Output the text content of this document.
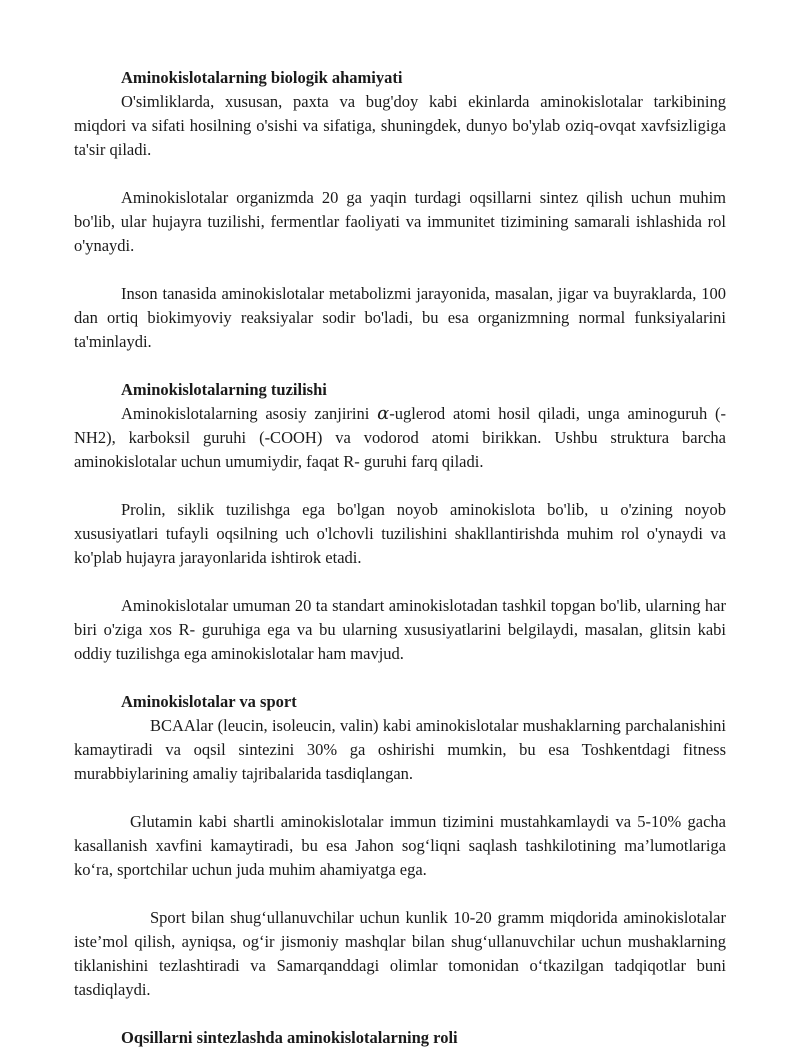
Aminokislotalarning biologik ahamiyati

O'simliklarda, xususan, paxta va bug'doy kabi ekinlarda aminokislotalar tarkibining miqdori va sifati hosilning o'sishi va sifatiga, shuningdek, dunyo bo'ylab oziq-ovqat xavfsizligiga ta'sir qiladi.

Aminokislotalar organizmda 20 ga yaqin turdagi oqsillarni sintez qilish uchun muhim bo'lib, ular hujayra tuzilishi, fermentlar faoliyati va immunitet tizimining samarali ishlashida rol o'ynaydi.

Inson tanasida aminokislotalar metabolizmi jarayonida, masalan, jigar va buyraklarda, 100 dan ortiq biokimyoviy reaksiyalar sodir bo'ladi, bu esa organizmning normal funksiyalarini ta'minlaydi.

Aminokislotalarning tuzilishi

Aminokislotalarning asosiy zanjirini α-uglerod atomi hosil qiladi, unga aminoguruh (-NH2), karboksil guruhi (-COOH) va vodorod atomi birikkan. Ushbu struktura barcha aminokislotalar uchun umumiydir, faqat R- guruhi farq qiladi.

Prolin, siklik tuzilishga ega bo'lgan noyob aminokislota bo'lib, u o'zining noyob xususiyatlari tufayli oqsilning uch o'lchovli tuzilishini shakllantirishda muhim rol o'ynaydi va ko'plab hujayra jarayonlarida ishtirok etadi.

Aminokislotalar umuman 20 ta standart aminokislotadan tashkil topgan bo'lib, ularning har biri o'ziga xos R- guruhiga ega va bu ularning xususiyatlarini belgilaydi, masalan, glitsin kabi oddiy tuzilishga ega aminokislotalar ham mavjud.

Aminokislotalar va sport

BCAAlar (leucin, isoleucin, valin) kabi aminokislotalar mushaklarning parchalanishini kamaytiradi va oqsil sintezini 30% ga oshirishi mumkin, bu esa Toshkentdagi fitness murabbiylarining amaliy tajribalarida tasdiqlangan.

Glutamin kabi shartli aminokislotalar immun tizimini mustahkamlaydi va 5-10% gacha kasallanish xavfini kamaytiradi, bu esa Jahon sog‘liqni saqlash tashkilotining ma’lumotlariga ko‘ra, sportchilar uchun juda muhim ahamiyatga ega.

Sport bilan shug‘ullanuvchilar uchun kunlik 10-20 gramm miqdorida aminokislotalar iste’mol qilish, ayniqsa, og‘ir jismoniy mashqlar bilan shug‘ullanuvchilar uchun mushaklarning tiklanishini tezlashtiradi va Samarqanddagi olimlar tomonidan o‘tkazilgan tadqiqotlar buni tasdiqlaydi.

Oqsillarni sintezlashda aminokislotalarning roli
